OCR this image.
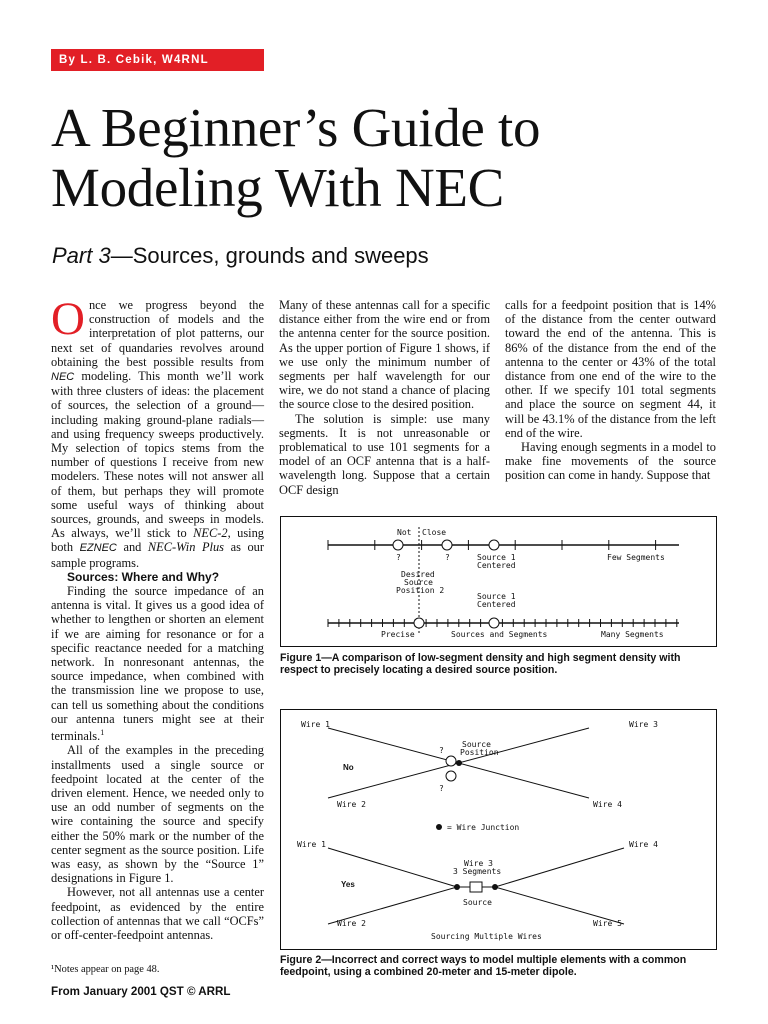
By L. B. Cebik, W4RNL
A Beginner’s Guide to Modeling With NEC
Part 3—Sources, grounds and sweeps

Once we progress beyond the construction of models and the interpretation of plot patterns, our next set of quandaries revolves around obtaining the best possible results from NEC modeling. This month we’ll work with three clusters of ideas: the placement of sources, the selection of a ground—including making ground-plane radials—and using frequency sweeps productively. My selection of topics stems from the number of questions I receive from new modelers. These notes will not answer all of them, but perhaps they will promote some useful ways of thinking about sources, grounds, and sweeps in models. As always, we’ll stick to NEC-2, using both EZNEC and NEC-Win Plus as our sample programs.

Sources: Where and Why?

Finding the source impedance of an antenna is vital. It gives us a good idea of whether to lengthen or shorten an element if we are aiming for resonance or for a specific reactance needed for a matching network. In nonresonant antennas, the source impedance, when combined with the transmission line we propose to use, can tell us something about the conditions our antenna tuners might see at their terminals.$^1$

All of the examples in the preceding installments used a single source or feedpoint located at the center of the driven element. Hence, we needed only to use an odd number of segments on the wire containing the source and specify either the 50% mark or the number of the center segment as the source position. Life was easy, as shown by the “Source 1” designations in Figure 1.

However, not all antennas use a center feedpoint, as evidenced by the entire collection of antennas that we call “OCFs” or off-center-feedpoint antennas.

Many of these antennas call for a specific distance either from the wire end or from the antenna center for the source position. As the upper portion of Figure 1 shows, if we use only the minimum number of segments per half wavelength for our wire, we do not stand a chance of placing the source close to the desired position.

The solution is simple: use many segments. It is not unreasonable or problematical to use 101 segments for a model of an OCF antenna that is a half-wavelength long. Suppose that a certain OCF design

calls for a feedpoint position that is 14% of the distance from the center outward toward the end of the antenna. This is 86% of the distance from the end of the antenna to the center or 43% of the total distance from one end of the wire to the other. If we specify 101 total segments and place the source on segment 44, it will be 43.1% of the distance from the left end of the wire.

Having enough segments in a model to make fine movements of the source position can come in handy. Suppose that

Not Close
?	?	Source 1
Centered
Few Segments
Desired
Source
Position 2
Source 1
Centered
Precise	Sources and Segments	Many Segments
Figure 1—A comparison of low-segment density and high segment density with respect to precisely locating a desired source position.
Wire 1	Wire 3
Wire 2	Wire 4
Source
Position
?
?
No
= Wire Junction
Wire 1	Wire 4
Wire 3
3 Segments
Yes
Source
Wire 2	Wire 5
Sourcing Multiple Wires
Figure 2—Incorrect and correct ways to model multiple elements with a common feedpoint, using a combined 20-meter and 15-meter dipole.
¹Notes appear on page 48.
From January 2001 QST © ARRL
